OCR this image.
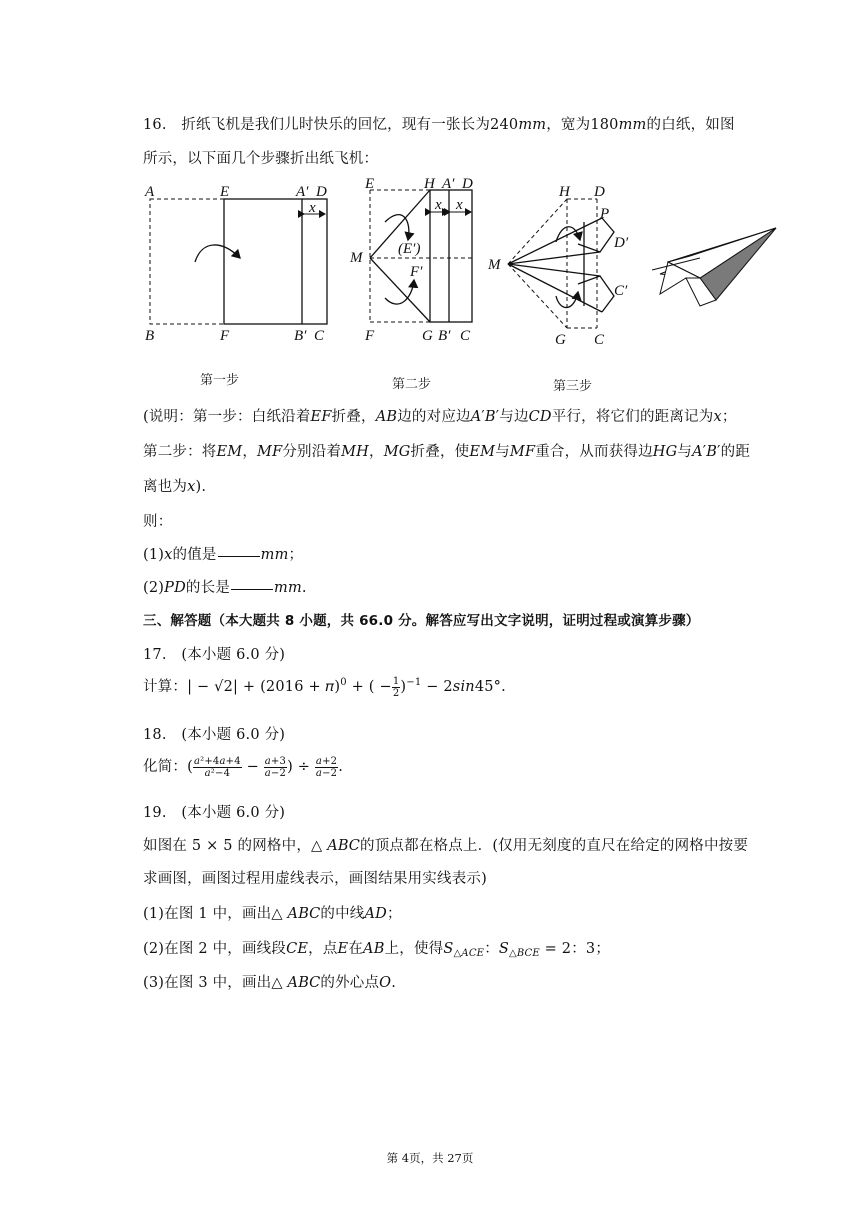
16.　折纸飞机是我们儿时快乐的回忆，现有一张长为240𝑚𝑚，宽为180𝑚𝑚的白纸，如图
所示，以下面几个步骤折出纸飞机：
A	E	A′ D
x
B	F	B′ C
第一步
E	H A′ D
x x
M
(E′)
F′
F	G B′ C
第二步
H D
P
D′
M
C′
G C
第三步
(说明：第一步：白纸沿着𝐸𝐹折叠，𝐴𝐵边的对应边𝐴′𝐵′与边𝐶𝐷平行，将它们的距离记为𝑥；
第二步：将𝐸𝑀，𝑀𝐹分别沿着𝑀𝐻，𝑀𝐺折叠，使𝐸𝑀与𝑀𝐹重合，从而获得边𝐻𝐺与𝐴′𝐵′的距
离也为𝑥).
则：
(1)𝑥的值是	𝑚𝑚；
(2)𝑃𝐷的长是	𝑚𝑚.
三、解答题（本大题共 8 小题，共 66.0 分。解答应写出文字说明，证明过程或演算步骤）
17.　(本小题 6.0 分)
计算：| − √2| + (2016 + 𝜋)$^0$ + ( − $\frac{1}{2} )^{-1}$ − 2𝑠𝑖𝑛45°.
18.　(本小题 6.0 分)
化简：( $\frac{\text{𝑎²+4𝑎+4}}{\text{𝑎²−4}} - \frac{\text{𝑎+3}}{\text{𝑎−2}}$ ) ÷ $\frac{\text{𝑎+2}}{\text{𝑎−2}}$ .
19.　(本小题 6.0 分)
如图在 5 × 5 的网格中，△ 𝐴𝐵𝐶的顶点都在格点上．(仅用无刻度的直尺在给定的网格中按要
求画图，画图过程用虚线表示，画图结果用实线表示)
(1)在图 1 中，画出△ 𝐴𝐵𝐶的中线𝐴𝐷；
(2)在图 2 中，画线段𝐶𝐸，点𝐸在𝐴𝐵上，使得𝑆$_{\triangle 𝐴𝐶𝐸}$：𝑆$_{\triangle 𝐵𝐶𝐸}$ = 2：3；
(3)在图 3 中，画出△ 𝐴𝐵𝐶的外心点𝑂.
第 4页，共 27页
